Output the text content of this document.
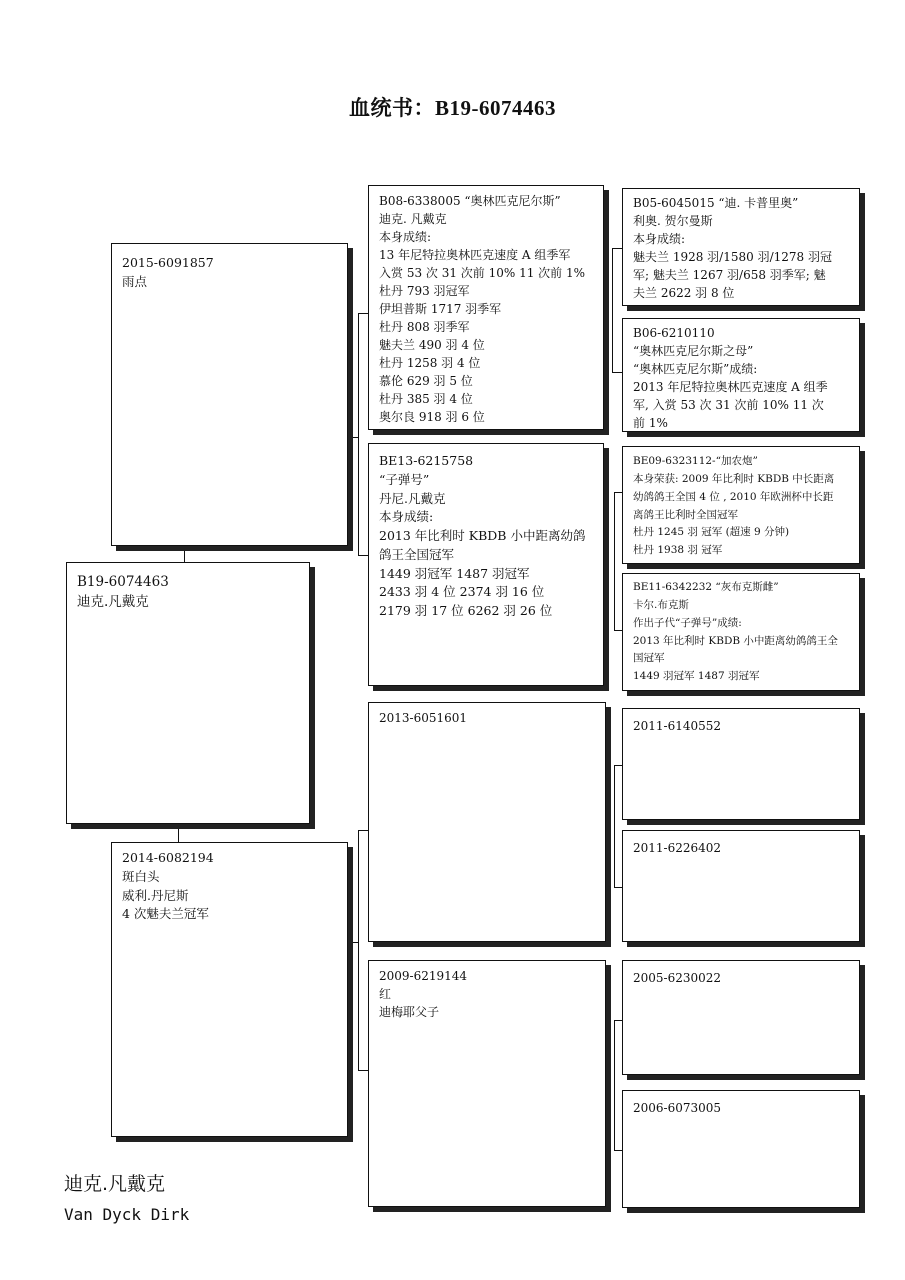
血统书：B19-6074463
B19-6074463
迪克.凡戴克
2015-6091857
雨点
2014-6082194
斑白头
威利.丹尼斯
4 次魅夫兰冠军
B08-6338005 “奥林匹克尼尔斯”
迪克. 凡戴克
本身成绩:
13 年尼特拉奥林匹克速度 A 组季军
入赏 53 次 31 次前 10% 11 次前 1%
杜丹 793 羽冠军
伊坦普斯 1717 羽季军
杜丹 808 羽季军
魅夫兰 490 羽 4 位
杜丹 1258 羽 4 位
慕伦 629 羽 5 位
杜丹 385 羽 4 位
奥尔良 918 羽 6 位
BE13-6215758
“子弹号”
丹尼.凡戴克
本身成绩:
2013 年比利时 KBDB 小中距离幼鸽
鸽王全国冠军
1449 羽冠军 1487 羽冠军
2433 羽 4 位 2374 羽 16 位
2179 羽 17 位 6262 羽 26 位
2013-6051601
2009-6219144
红
迪梅耶父子
B05-6045015 “迪. 卡普里奥”
利奥. 贺尔曼斯
本身成绩:
魅夫兰 1928 羽/1580 羽/1278 羽冠
军; 魅夫兰 1267 羽/658 羽季军; 魅
夫兰 2622 羽 8 位
B06-6210110
“奥林匹克尼尔斯之母”
“奥林匹克尼尔斯”成绩:
2013 年尼特拉奥林匹克速度 A 组季
军, 入赏 53 次 31 次前 10% 11 次
前 1%
BE09-6323112-“加农炮”
本身荣获: 2009 年比利时 KBDB 中长距离
幼鸽鸽王全国 4 位 , 2010 年欧洲杯中长距
离鸽王比利时全国冠军
杜丹 1245 羽 冠军 (超速 9 分钟)
杜丹 1938 羽 冠军
BE11-6342232 “灰布克斯雌”
卡尔.布克斯
作出子代“子弹号”成绩:
2013 年比利时 KBDB 小中距离幼鸽鸽王全
国冠军
1449 羽冠军 1487 羽冠军
2011-6140552
2011-6226402
2005-6230022
2006-6073005
迪克.凡戴克
Van Dyck Dirk
